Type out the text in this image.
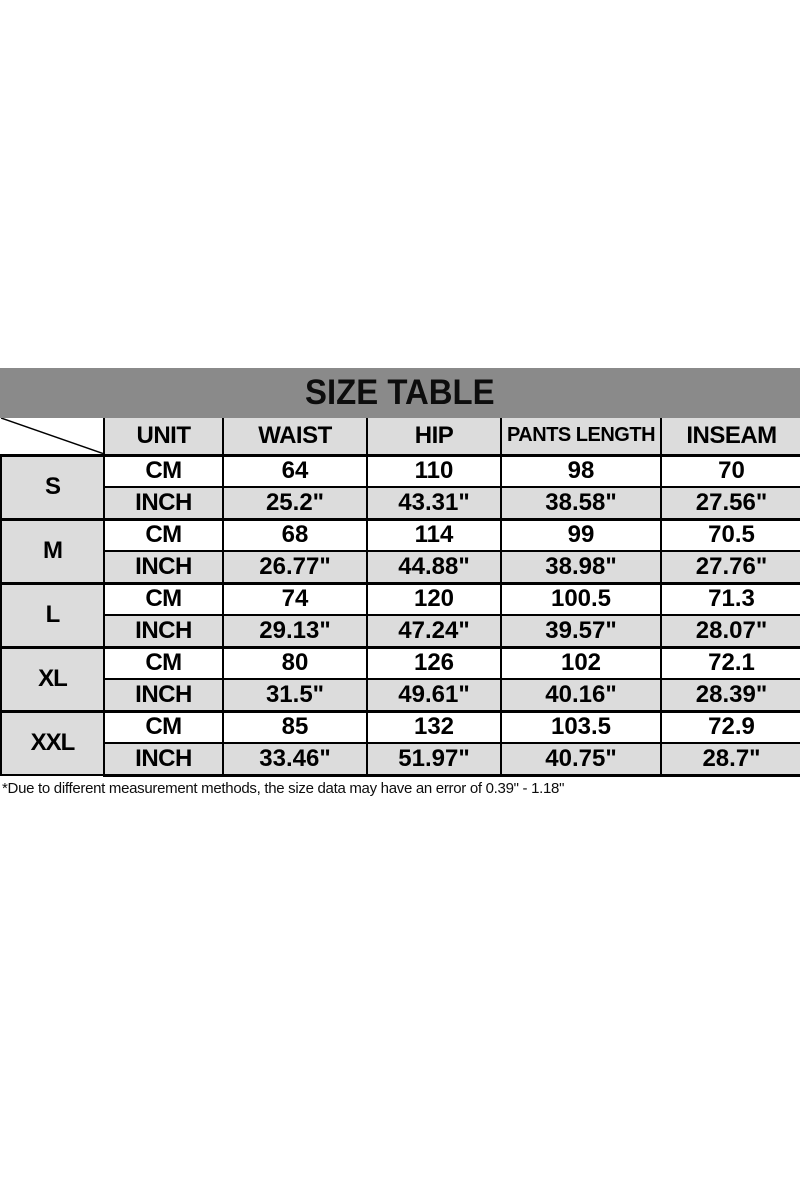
SIZE TABLE
	UNIT	WAIST	HIP	PANTS LENGTH	INSEAM
S	CM	64	110	98	70
	INCH	25.2"	43.31"	38.58"	27.56"
M	CM	68	114	99	70.5
	INCH	26.77"	44.88"	38.98"	27.76"
L	CM	74	120	100.5	71.3
	INCH	29.13"	47.24"	39.57"	28.07"
XL	CM	80	126	102	72.1
	INCH	31.5"	49.61"	40.16"	28.39"
XXL	CM	85	132	103.5	72.9
	INCH	33.46"	51.97"	40.75"	28.7"
*Due to different measurement methods, the size data may have an error of 0.39" - 1.18"
